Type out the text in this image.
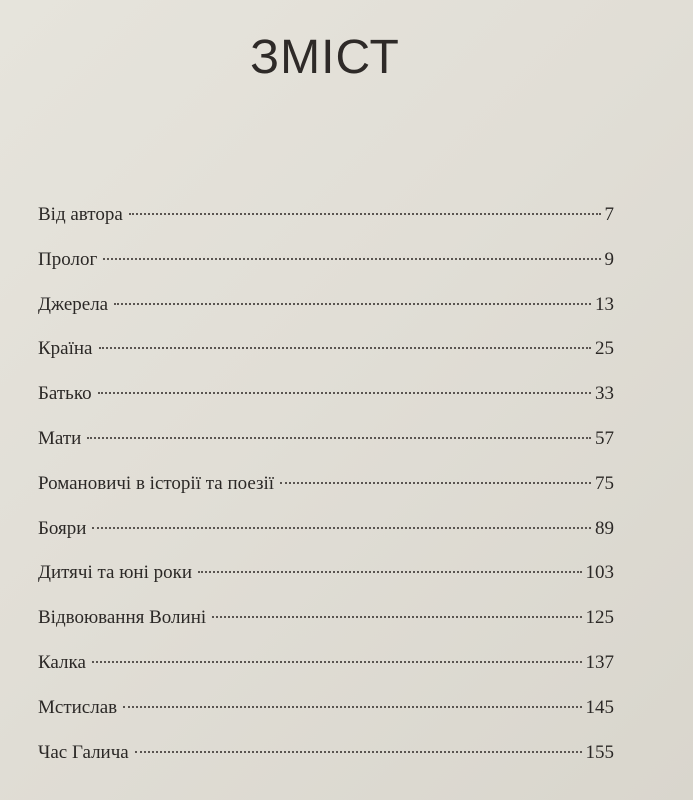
ЗМІСТ
Від автора	7
Пролог	9
Джерела	13
Країна	25
Батько	33
Мати	57
Романовичі в історії та поезії	75
Бояри	89
Дитячі та юні роки	103
Відвоювання Волині	125
Калка	137
Мстислав	145
Час Галича	155
